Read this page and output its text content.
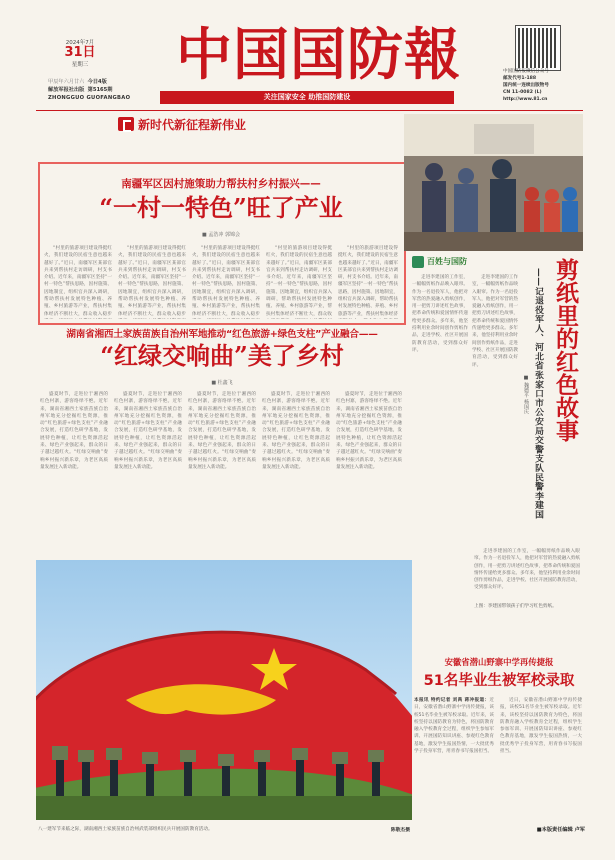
2024年7月
31日
星期三
甲辰年六月廿六 今日4版
解放军报社出版 第5165期
ZHONGGUO GUOFANGBAO
中国国防報
关注国家安全 助推国防建设
中国国防报微信公众号
邮发代号1-188
国内统一连续出版物号
CN 11-0082 (L)
http://www.81.cn
新时代新征程新伟业
南疆军区因村施策助力帮扶村乡村振兴——
“一村一特色”旺了产业
■ 孟浩冲 郭锦会

“村里的旅游项目建设得挺红火，我们建设的民宿生意也越来越好了。”近日，南疆军区某部官兵来到帮扶村走访调研，村支书介绍。近年来，南疆军区坚持“一村一特色”帮扶思路，因村施策、因地制宜，组织官兵深入调研，帮助帮扶村发展特色种植、养殖、乡村旅游等产业，帮扶村集体经济不断壮大，群众收入稳步

“村里的旅游项目建设得挺红火，我们建设的民宿生意也越来越好了。”近日，南疆军区某部官兵来到帮扶村走访调研，村支书介绍。近年来，南疆军区坚持“一村一特色”帮扶思路，因村施策、因地制宜，组织官兵深入调研，帮助帮扶村发展特色种植、养殖、乡村旅游等产业，帮扶村集体经济不断壮大，群众收入稳步

“村里的旅游项目建设得挺红火，我们建设的民宿生意也越来越好了。”近日，南疆军区某部官兵来到帮扶村走访调研，村支书介绍。近年来，南疆军区坚持“一村一特色”帮扶思路，因村施策、因地制宜，组织官兵深入调研，帮助帮扶村发展特色种植、养殖、乡村旅游等产业，帮扶村集体经济不断壮大，群众收入稳步

“村里的旅游项目建设得挺红火，我们建设的民宿生意也越来越好了。”近日，南疆军区某部官兵来到帮扶村走访调研，村支书介绍。近年来，南疆军区坚持“一村一特色”帮扶思路，因村施策、因地制宜，组织官兵深入调研，帮助帮扶村发展特色种植、养殖、乡村旅游等产业，帮扶村集体经济不断壮大，群众收

“村里的旅游项目建设得挺红火，我们建设的民宿生意也越来越好了。”近日，南疆军区某部官兵来到帮扶村走访调研，村支书介绍。近年来，南疆军区坚持“一村一特色”帮扶思路，因村施策、因地制宜，组织官兵深入调研，帮助帮扶村发展特色种植、养殖、乡村旅游等产业，帮扶村集体经济

湖南省湘西土家族苗族自治州军地推动“红色旅游+绿色支柱”产业融合——
“红绿交响曲”美了乡村
■ 杜鑫飞

盛夏时节，走进位于湘西的红色村寨，游客络绎不绝。近年来，湖南省湘西土家族苗族自治州军地充分挖掘红色资源，推动“红色旅游+绿色支柱”产业融合发展，打造红色研学基地，发展特色种植，让红色资源活起来、绿色产业强起来，群众的日子越过越红火。“红绿交响曲”奏响乡村振兴新乐章，为老区高质量发展注入新动能。

盛夏时节，走进位于湘西的红色村寨，游客络绎不绝。近年来，湖南省湘西土家族苗族自治州军地充分挖掘红色资源，推动“红色旅游+绿色支柱”产业融合发展，打造红色研学基地，发展特色种植，让红色资源活起来、绿色产业强起来，群众的日子越过越红火。“红绿交响曲”奏响乡村振兴新乐章，为老区高质量发展注入新动能。

盛夏时节，走进位于湘西的红色村寨，游客络绎不绝。近年来，湖南省湘西土家族苗族自治州军地充分挖掘红色资源，推动“红色旅游+绿色支柱”产业融合发展，打造红色研学基地，发展特色种植，让红色资源活起来、绿色产业强起来，群众的日子越过越红火。“红绿交响曲”奏响乡村振兴新乐章，为老区高质量发展注入新动能。

盛夏时节，走进位于湘西的红色村寨，游客络绎不绝。近年来，湖南省湘西土家族苗族自治州军地充分挖掘红色资源，推动“红色旅游+绿色支柱”产业融合发展，打造红色研学基地，发展特色种植，让红色资源活起来、绿色产业强起来，群众的日子越过越红火。“红绿交响曲”奏响乡村振兴新乐章，为老区高质量发展注入新动能。

盛夏时节，走进位于湘西的红色村寨，游客络绎不绝。近年来，湖南省湘西土家族苗族自治州军地充分挖掘红色资源，推动“红色旅游+绿色支柱”产业融合发展，打造红色研学基地，发展特色种植，让红色资源活起来、绿色产业强起来，群众的日子越过越红火。“红绿交响曲”奏响乡村振兴新乐章，为老区高质量发展注入新动能。

百姓与国防	剪纸里的红色故事
——记退役军人、河北省张家口市公安局交警支队民警李建国
■ 魏德平 杨国庆

走进李建国的工作室，一幅幅剪纸作品映入眼帘。作为一名退役军人，他把对军营的热爱融入剪纸创作，用一把剪刀讲述红色故事，把革命传统和爱国情怀传递给更多群众。多年来，他坚持利用业余时间创作剪纸作品，走进学校、社区开展国防教育活动，受到群众好评。

走进李建国的工作室，一幅幅剪纸作品映入眼帘。作为一名退役军人，他把对军营的热爱融入剪纸创作，用一把剪刀讲述红色故事，把革命传统和爱国情怀传递给更多群众。多年来，他坚持利用业余时间创作剪纸作品，走进学校、社区开展国防教育活动，受到群众好评。

走进李建国的工作室，一幅幅剪纸作品映入眼帘。作为一名退役军人，他把对军营的热爱融入剪纸创作，用一把剪刀讲述红色故事，把革命传统和爱国情怀传递给更多群众。多年来，他坚持利用业余时间创作剪纸作品，走进学校、社区开展国防教育活动，受到群众好评。

上图：李建国带领孩子们学习红色剪纸。
八一建军节来临之际，湖南湘西土家族苗族自治州武装部组织民兵开展国防教育活动。	陈敬杰摄
安徽省潜山野寨中学再传捷报
51名毕业生被军校录取

本报讯 特约记者 刘禹 蒋冲报道：近日，安徽省潜山野寨中学再传捷报，该校51名毕业生被军校录取。近年来，该校坚持以国防教育为特色，将国防教育融入学校教育全过程，组织学生参加军训、开展国防知识讲座、参观红色教育基地，激发学生报国热情，一大批优秀学子投身军营，用青春书写报国担当。

近日，安徽省潜山野寨中学再传捷报，该校51名毕业生被军校录取。近年来，该校坚持以国防教育为特色，将国防教育融入学校教育全过程，组织学生参加军训、开展国防知识讲座、参观红色教育基地，激发学生报国热情，一大批优秀学子投身军营，用青春书写报国担当。

■本版责任编辑 卢军
